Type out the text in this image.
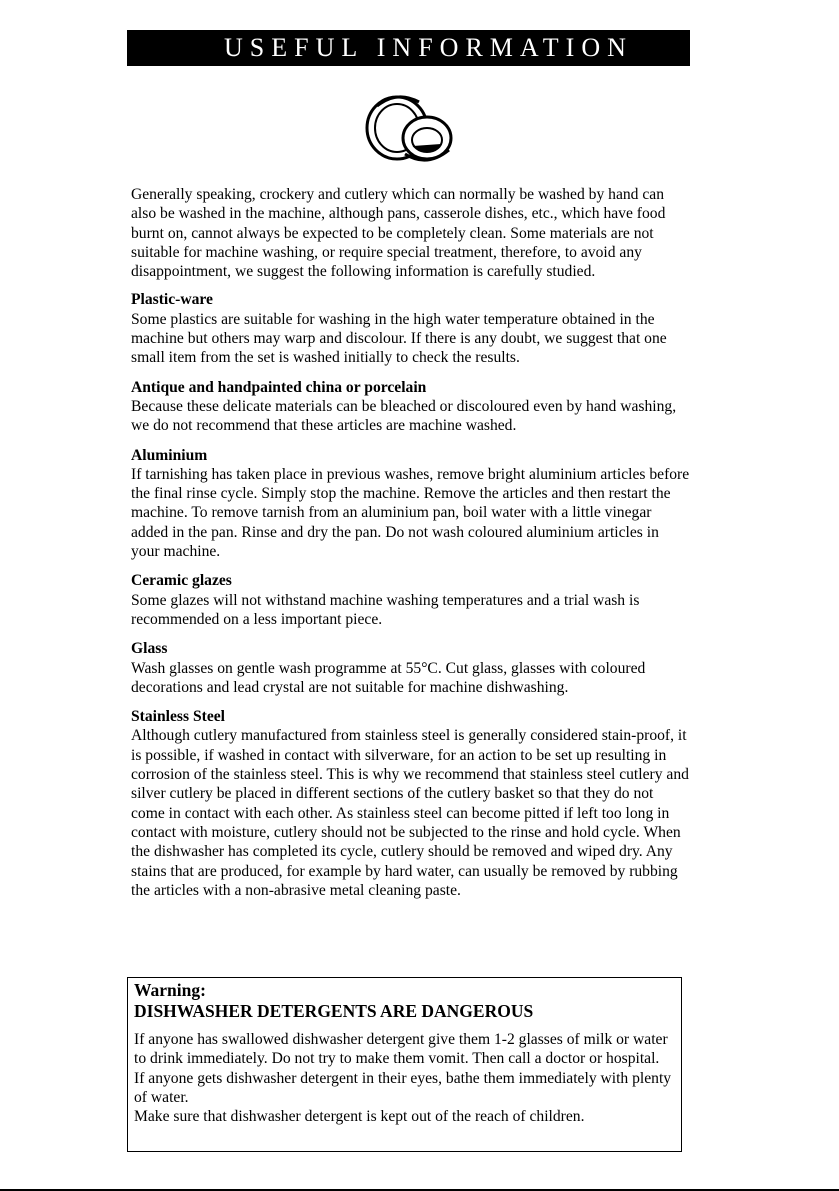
USEFUL INFORMATION

Generally speaking, crockery and cutlery which can normally be washed by hand can also be washed in the machine, although pans, casserole dishes, etc., which have food burnt on, cannot always be expected to be completely clean. Some materials are not suitable for machine washing, or require special treatment, therefore, to avoid any disappointment, we suggest the following information is carefully studied.

Plastic-ware

Some plastics are suitable for washing in the high water temperature obtained in the machine but others may warp and discolour. If there is any doubt, we suggest that one small item from the set is washed initially to check the results.

Antique and handpainted china or porcelain

Because these delicate materials can be bleached or discoloured even by hand washing, we do not recommend that these articles are machine washed.

Aluminium

If tarnishing has taken place in previous washes, remove bright aluminium articles before the final rinse cycle. Simply stop the machine. Remove the articles and then restart the machine. To remove tarnish from an aluminium pan, boil water with a little vinegar added in the pan. Rinse and dry the pan. Do not wash coloured aluminium articles in your machine.

Ceramic glazes

Some glazes will not withstand machine washing temperatures and a trial wash is recommended on a less important piece.

Glass

Wash glasses on gentle wash programme at 55°C. Cut glass, glasses with coloured decorations and lead crystal are not suitable for machine dishwashing.

Stainless Steel

Although cutlery manufactured from stainless steel is generally considered stain-proof, it is possible, if washed in contact with silverware, for an action to be set up resulting in corrosion of the stainless steel. This is why we recommend that stainless steel cutlery and silver cutlery be placed in different sections of the cutlery basket so that they do not come in contact with each other. As stainless steel can become pitted if left too long in contact with moisture, cutlery should not be subjected to the rinse and hold cycle. When the dishwasher has completed its cycle, cutlery should be removed and wiped dry. Any stains that are produced, for example by hard water, can usually be removed by rubbing the articles with a non-abrasive metal cleaning paste.

Warning:

DISHWASHER DETERGENTS ARE DANGEROUS

If anyone has swallowed dishwasher detergent give them 1-2 glasses of milk or water to drink immediately. Do not try to make them vomit. Then call a doctor or hospital.

If anyone gets dishwasher detergent in their eyes, bathe them immediately with plenty of water.

Make sure that dishwasher detergent is kept out of the reach of children.
